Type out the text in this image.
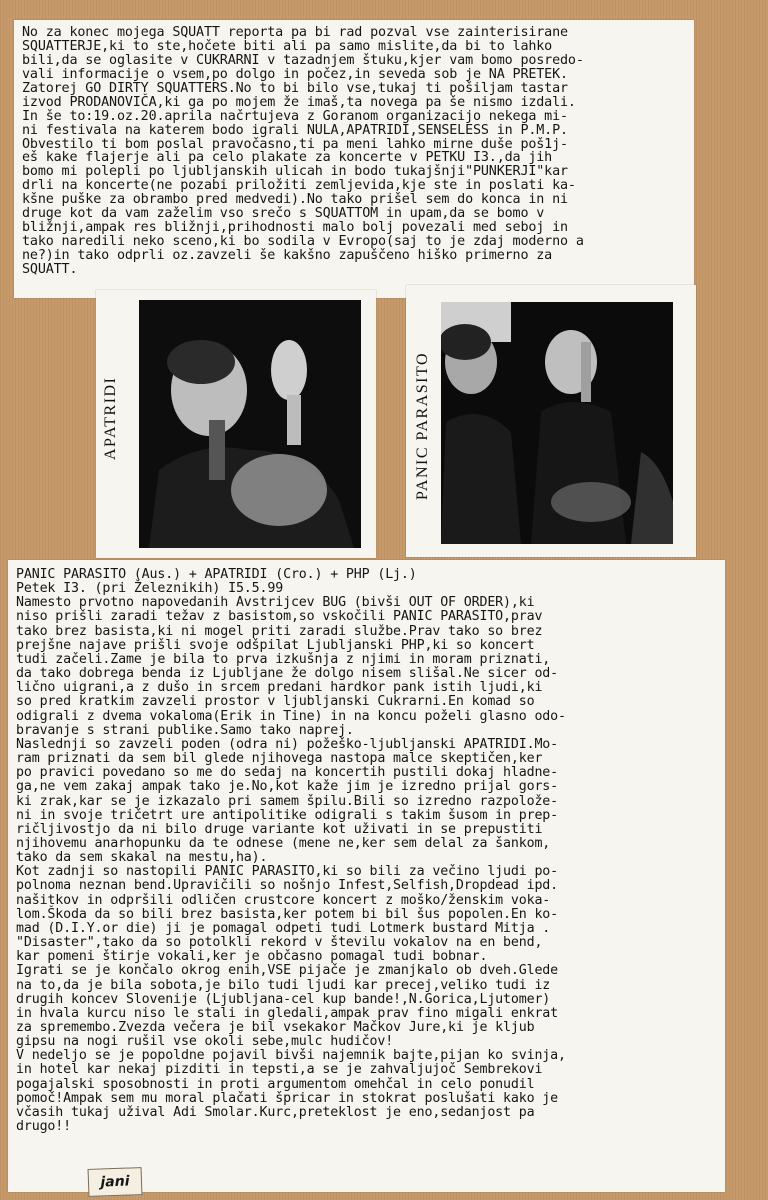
No za konec mojega SQUATT reporta pa bi rad pozval vse zainterisirane

SQUATTERJE,ki to ste,hočete biti ali pa samo mislite,da bi to lahko

bili,da se oglasite v CUKRARNI v tazadnjem štuku,kjer vam bomo posredo-

vali informacije o vsem,po dolgo in počez,in seveda sob je NA PRETEK.

Zatorej GO DIRTY SQUATTERS.No to bi bilo vse,tukaj ti pošiljam tastar

izvod PRODANOVIČA,ki ga po mojem že imaš,ta novega pa še nismo izdali.

In še to:19.oz.20.aprila načrtujeva z Goranom organizacijo nekega mi-

ni festivala na katerem bodo igrali NULA,APATRIDI,SENSELESS in P.M.P.

Obvestilo ti bom poslal pravočasno,ti pa meni lahko mirne duše poš1j-

eš kake flajerje ali pa celo plakate za koncerte v PETKU I3.,da jih

bomo mi polepli po ljubljanskih ulicah in bodo tukajšnji"PUNKERJI"kar

drli na koncerte(ne pozabi priložiti zemljevida,kje ste in poslati ka-

kšne puške za obrambo pred medvedi).No tako prišel sem do konca in ni

druge kot da vam zaželim vso srečo s SQUATTOM in upam,da se bomo v

bližnji,ampak res bližnji,prihodnosti malo bolj povezali med seboj in

tako naredili neko sceno,ki bo sodila v Evropo(saj to je zdaj moderno a

ne?)in tako odprli oz.zavzeli še kakšno zapuščeno hiško primerno za

SQUATT.

APATRIDI	PANIC PARASITO

PANIC PARASITO (Aus.) + APATRIDI (Cro.) + PHP (Lj.)

Petek I3. (pri Železnikih) I5.5.99

Namesto prvotno napovedanih Avstrijcev BUG (bivši OUT OF ORDER),ki

niso prišli zaradi težav z basistom,so vskočili PANIC PARASITO,prav

tako brez basista,ki ni mogel priti zaradi službe.Prav tako so brez

prejšne najave prišli svoje odšpilat Ljubljanski PHP,ki so koncert

tudi začeli.Zame je bila to prva izkušnja z njimi in moram priznati,

da tako dobrega benda iz Ljubljane že dolgo nisem slišal.Ne sicer od-

lično uigrani,a z dušo in srcem predani hardkor pank istih ljudi,ki

so pred kratkim zavzeli prostor v ljubljanski Cukrarni.En komad so

odigrali z dvema vokaloma(Erik in Tine) in na koncu poželi glasno odo-

bravanje s strani publike.Samo tako naprej.

Naslednji so zavzeli poden (odra ni) požeško-ljubljanski APATRIDI.Mo-

ram priznati da sem bil glede njihovega nastopa malce skeptičen,ker

po pravici povedano so me do sedaj na koncertih pustili dokaj hladne-

ga,ne vem zakaj ampak tako je.No,kot kaže jim je izredno prijal gors-

ki zrak,kar se je izkazalo pri samem špilu.Bili so izredno razpolože-

ni in svoje tričetrt ure antipolitike odigrali s takim šusom in prep-

ričljivostjo da ni bilo druge variante kot uživati in se prepustiti

njihovemu anarhopunku da te odnese (mene ne,ker sem delal za šankom,

tako da sem skakal na mestu,ha).

Kot zadnji so nastopili PANIC PARASITO,ki so bili za večino ljudi po-

polnoma neznan bend.Upravičili so nošnjo Infest,Selfish,Dropdead ipd.

našitkov in odpršili odličen crustcore koncert z moško/ženskim voka-

lom.Škoda da so bili brez basista,ker potem bi bil šus popolen.En ko-

mad (D.I.Y.or die) ji je pomagal odpeti tudi Lotmerk bustard Mitja .

"Disaster",tako da so potolkli rekord v številu vokalov na en bend,

kar pomeni štirje vokali,ker je občasno pomagal tudi bobnar.

Igrati se je končalo okrog enih,VSE pijače je zmanjkalo ob dveh.Glede

na to,da je bila sobota,je bilo tudi ljudi kar precej,veliko tudi iz

drugih koncev Slovenije (Ljubljana-cel kup bande!,N.Gorica,Ljutomer)

in hvala kurcu niso le stali in gledali,ampak prav fino migali enkrat

za spremembo.Zvezda večera je bil vsekakor Mačkov Jure,ki je kljub

gipsu na nogi rušil vse okoli sebe,mulc hudičov!

V nedeljo se je popoldne pojavil bivši najemnik bajte,pijan ko svinja,

in hotel kar nekaj pizditi in tepsti,a se je zahvaljujoč Sembrekovi

pogajalski sposobnosti in proti argumentom omehčal in celo ponudil

pomoč!Ampak sem mu moral plačati špricar in stokrat poslušati kako je

včasih tukaj užival Adi Smolar.Kurc,preteklost je eno,sedanjost pa

drugo!!

jani
